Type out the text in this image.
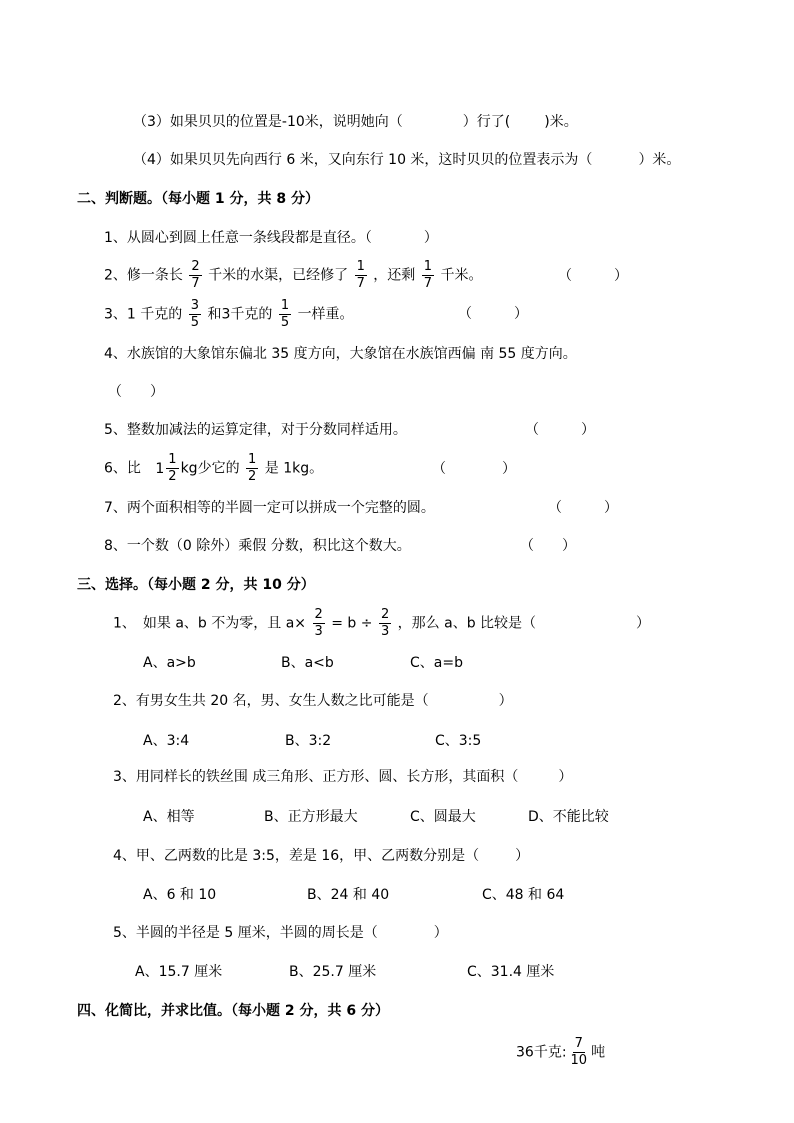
（3）如果贝贝的位置是-10米，说明她向（	）行了( )米。
（4）如果贝贝先向西行 6 米，又向东行 10 米，这时贝贝的位置表示为（	）米。
二、判断题。（每小题 1 分，共 8 分）
1、从圆心到圆上任意一条线段都是直径。（	）
2、修一条长 $\frac{2}{7}$ 千米的水渠，已经修了 $\frac{1}{7}$ ，还剩 $\frac{1}{7}$ 千米。	（　　　）
3、1 千克的 $\frac{3}{5}$ 和3千克的 $\frac{1}{5}$ 一样重。	（　　　）
4、水族馆的大象馆东偏北 35 度方向，大象馆在水族馆西偏 南 55 度方向。
（　　）
5、整数加减法的运算定律，对于分数同样适用。	（　　　）
6、比 $1 \frac{1}{2}$ kg少它的 $\frac{1}{2}$ 是 1kg。	（　　　　）
7、两个面积相等的半圆一定可以拼成一个完整的圆。	（　　　）
8、一个数（0 除外）乘假 分数，积比这个数大。	（　　）
三、选择。（每小题 2 分，共 10 分）
1、　如果 a、b 不为零，且 $a\times \frac{2}{3} = b \div \frac{2}{3}$ ，那么 a、b 比较是（	）
A、a>b	B、a<b	C、a=b
2、有男女生共 20 名，男、女生人数之比可能是（	）
A、3:4	B、3:2	C、3:5
3、用同样长的铁丝围 成三角形、正方形、圆、长方形，其面积（	）
A、相等	B、正方形最大	C、圆最大	D、不能比较
4、甲、乙两数的比是 3:5，差是 16，甲、乙两数分别是（	）
A、6 和 10	B、24 和 40	C、48 和 64
5、半圆的半径是 5 厘米，半圆的周长是（	）
A、15.7 厘米	B、25.7 厘米	C、31.4 厘米
四、化简比，并求比值。（每小题 2 分，共 6 分）
36千克: $\frac{7}{10}$ 吨
